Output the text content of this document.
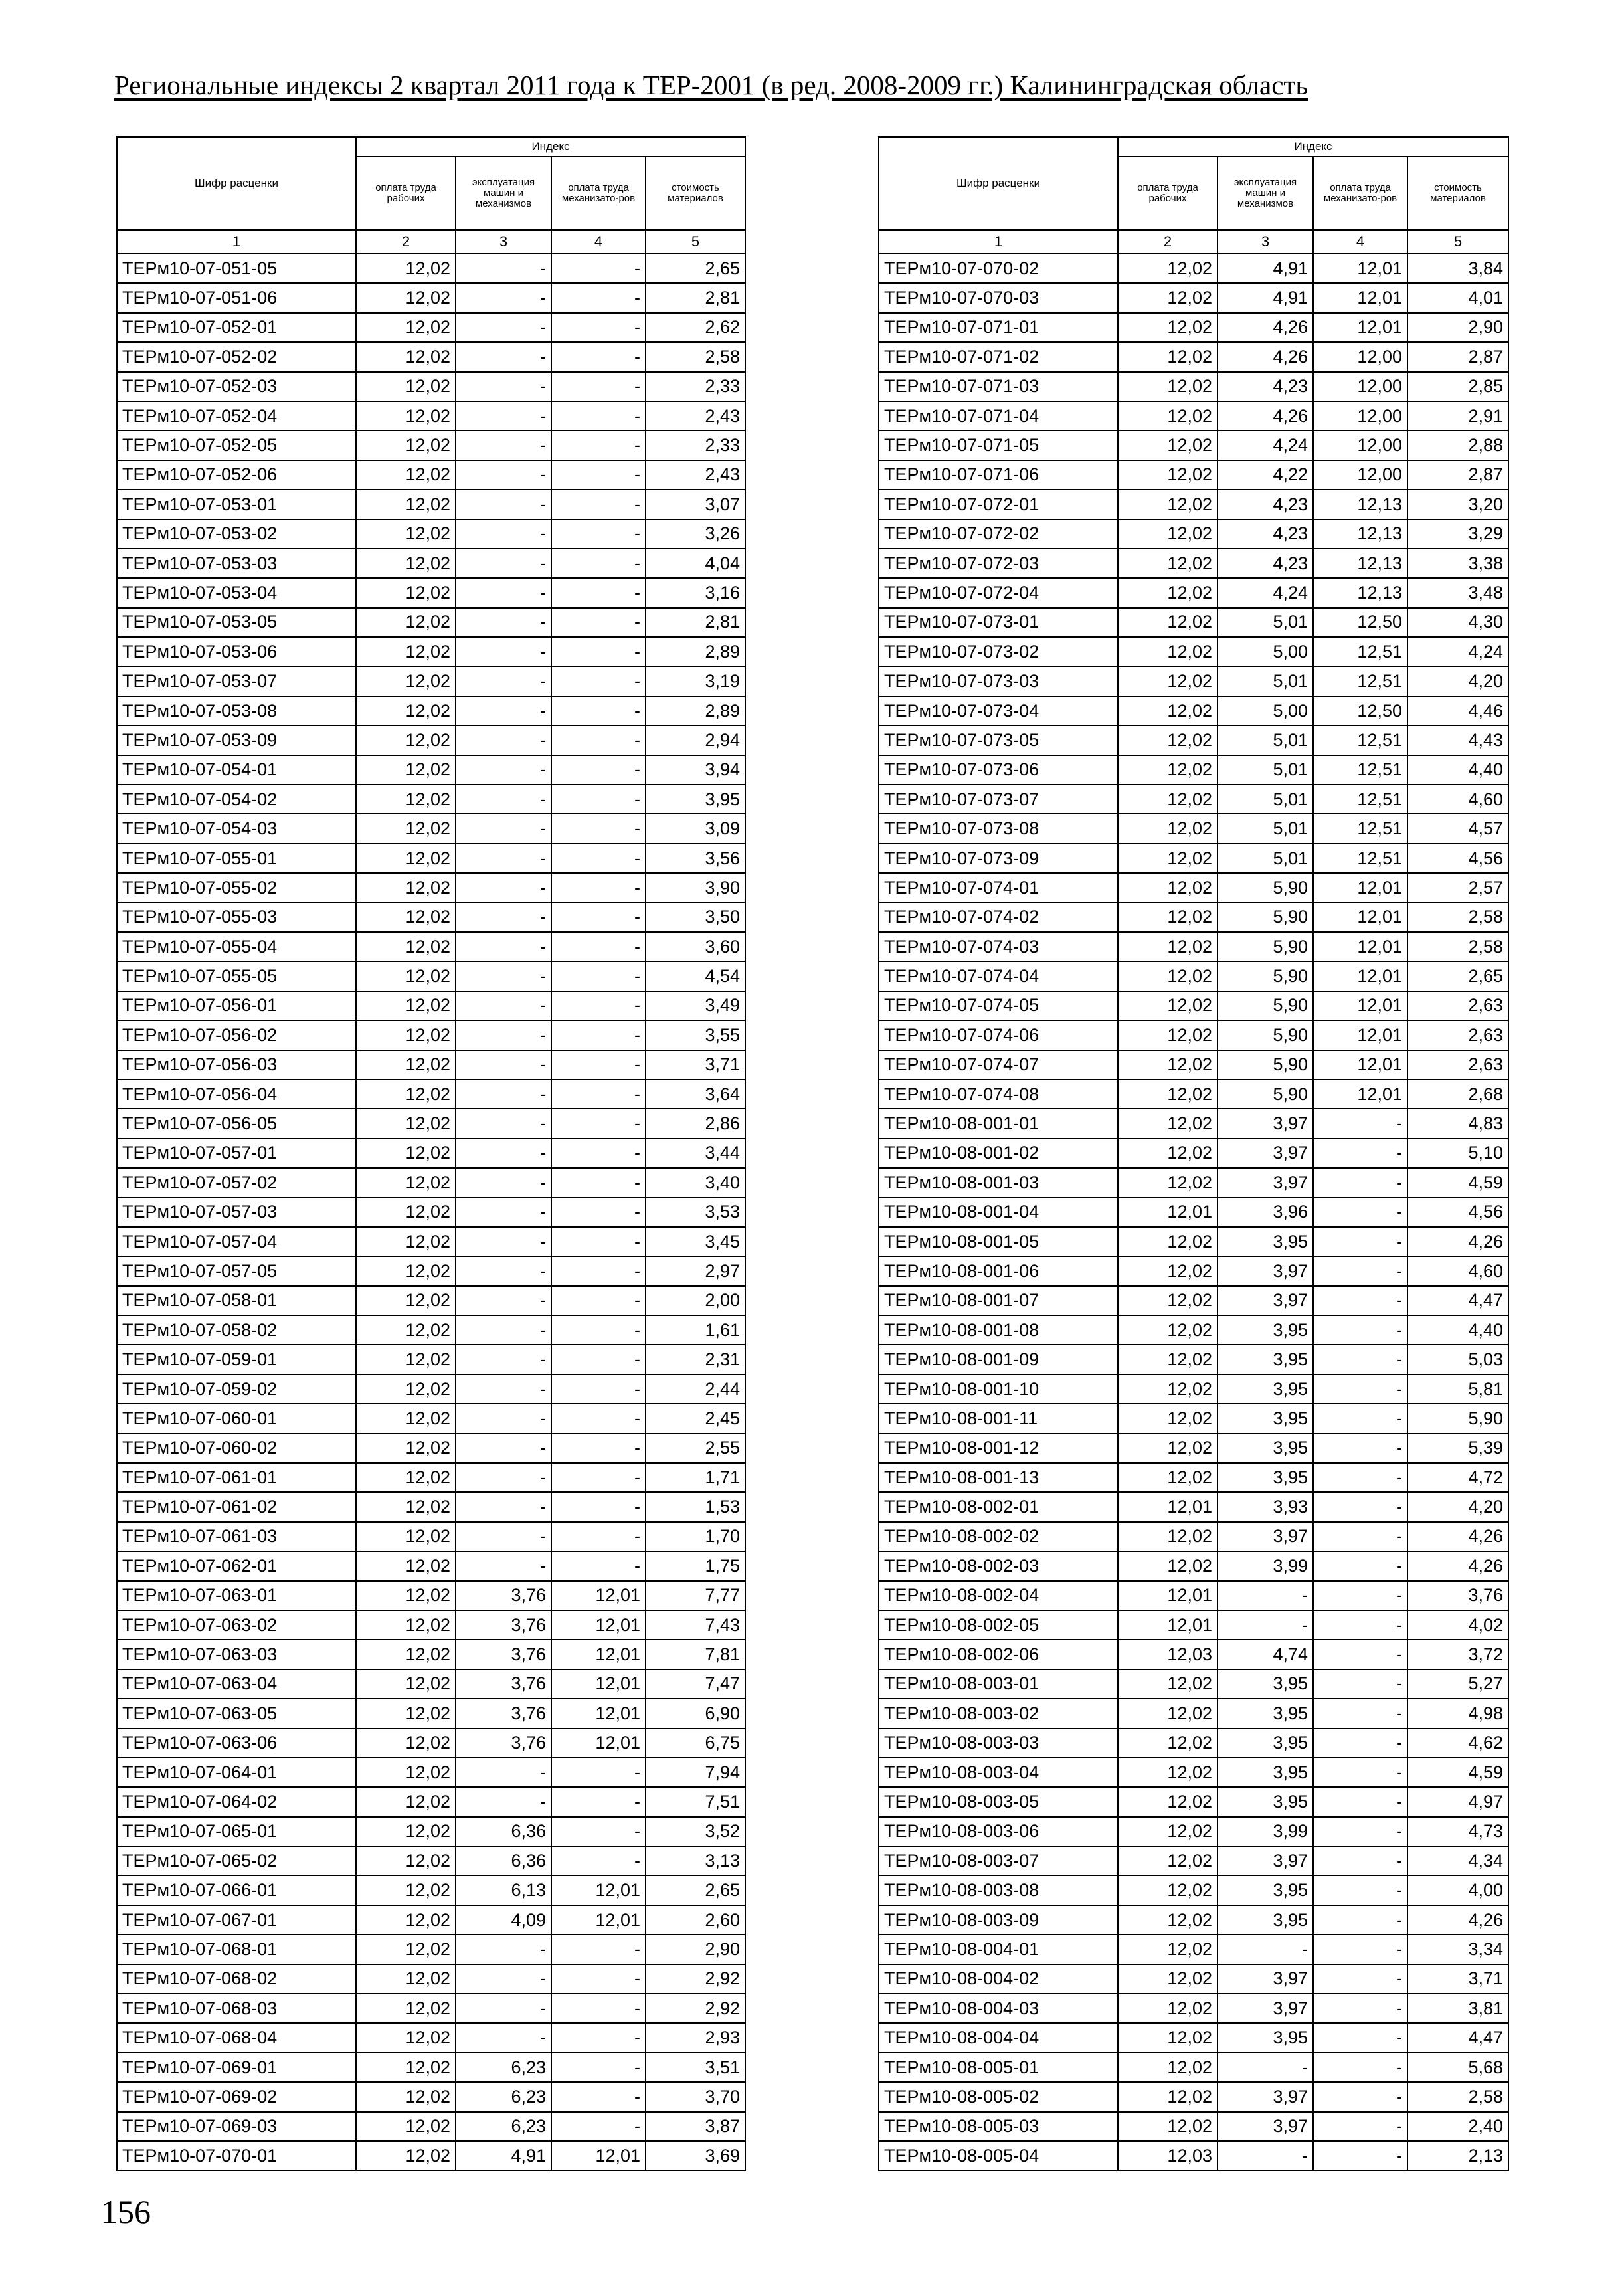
Региональные индексы 2 квартал 2011 года к ТЕР-2001 (в ред. 2008-2009 гг.) Калининградская область
Шифр расценки	Индекс			
	оплата труда рабочих	эксплуатация машин и механизмов	оплата труда механизато-ров	стоимость материалов
1	2	3	4	5
ТЕРм10-07-051-05	12,02	-	-	2,65
ТЕРм10-07-051-06	12,02	-	-	2,81
ТЕРм10-07-052-01	12,02	-	-	2,62
ТЕРм10-07-052-02	12,02	-	-	2,58
ТЕРм10-07-052-03	12,02	-	-	2,33
ТЕРм10-07-052-04	12,02	-	-	2,43
ТЕРм10-07-052-05	12,02	-	-	2,33
ТЕРм10-07-052-06	12,02	-	-	2,43
ТЕРм10-07-053-01	12,02	-	-	3,07
ТЕРм10-07-053-02	12,02	-	-	3,26
ТЕРм10-07-053-03	12,02	-	-	4,04
ТЕРм10-07-053-04	12,02	-	-	3,16
ТЕРм10-07-053-05	12,02	-	-	2,81
ТЕРм10-07-053-06	12,02	-	-	2,89
ТЕРм10-07-053-07	12,02	-	-	3,19
ТЕРм10-07-053-08	12,02	-	-	2,89
ТЕРм10-07-053-09	12,02	-	-	2,94
ТЕРм10-07-054-01	12,02	-	-	3,94
ТЕРм10-07-054-02	12,02	-	-	3,95
ТЕРм10-07-054-03	12,02	-	-	3,09
ТЕРм10-07-055-01	12,02	-	-	3,56
ТЕРм10-07-055-02	12,02	-	-	3,90
ТЕРм10-07-055-03	12,02	-	-	3,50
ТЕРм10-07-055-04	12,02	-	-	3,60
ТЕРм10-07-055-05	12,02	-	-	4,54
ТЕРм10-07-056-01	12,02	-	-	3,49
ТЕРм10-07-056-02	12,02	-	-	3,55
ТЕРм10-07-056-03	12,02	-	-	3,71
ТЕРм10-07-056-04	12,02	-	-	3,64
ТЕРм10-07-056-05	12,02	-	-	2,86
ТЕРм10-07-057-01	12,02	-	-	3,44
ТЕРм10-07-057-02	12,02	-	-	3,40
ТЕРм10-07-057-03	12,02	-	-	3,53
ТЕРм10-07-057-04	12,02	-	-	3,45
ТЕРм10-07-057-05	12,02	-	-	2,97
ТЕРм10-07-058-01	12,02	-	-	2,00
ТЕРм10-07-058-02	12,02	-	-	1,61
ТЕРм10-07-059-01	12,02	-	-	2,31
ТЕРм10-07-059-02	12,02	-	-	2,44
ТЕРм10-07-060-01	12,02	-	-	2,45
ТЕРм10-07-060-02	12,02	-	-	2,55
ТЕРм10-07-061-01	12,02	-	-	1,71
ТЕРм10-07-061-02	12,02	-	-	1,53
ТЕРм10-07-061-03	12,02	-	-	1,70
ТЕРм10-07-062-01	12,02	-	-	1,75
ТЕРм10-07-063-01	12,02	3,76	12,01	7,77
ТЕРм10-07-063-02	12,02	3,76	12,01	7,43
ТЕРм10-07-063-03	12,02	3,76	12,01	7,81
ТЕРм10-07-063-04	12,02	3,76	12,01	7,47
ТЕРм10-07-063-05	12,02	3,76	12,01	6,90
ТЕРм10-07-063-06	12,02	3,76	12,01	6,75
ТЕРм10-07-064-01	12,02	-	-	7,94
ТЕРм10-07-064-02	12,02	-	-	7,51
ТЕРм10-07-065-01	12,02	6,36	-	3,52
ТЕРм10-07-065-02	12,02	6,36	-	3,13
ТЕРм10-07-066-01	12,02	6,13	12,01	2,65
ТЕРм10-07-067-01	12,02	4,09	12,01	2,60
ТЕРм10-07-068-01	12,02	-	-	2,90
ТЕРм10-07-068-02	12,02	-	-	2,92
ТЕРм10-07-068-03	12,02	-	-	2,92
ТЕРм10-07-068-04	12,02	-	-	2,93
ТЕРм10-07-069-01	12,02	6,23	-	3,51
ТЕРм10-07-069-02	12,02	6,23	-	3,70
ТЕРм10-07-069-03	12,02	6,23	-	3,87
ТЕРм10-07-070-01	12,02	4,91	12,01	3,69
Шифр расценки	Индекс			
	оплата труда рабочих	эксплуатация машин и механизмов	оплата труда механизато-ров	стоимость материалов
1	2	3	4	5
ТЕРм10-07-070-02	12,02	4,91	12,01	3,84
ТЕРм10-07-070-03	12,02	4,91	12,01	4,01
ТЕРм10-07-071-01	12,02	4,26	12,01	2,90
ТЕРм10-07-071-02	12,02	4,26	12,00	2,87
ТЕРм10-07-071-03	12,02	4,23	12,00	2,85
ТЕРм10-07-071-04	12,02	4,26	12,00	2,91
ТЕРм10-07-071-05	12,02	4,24	12,00	2,88
ТЕРм10-07-071-06	12,02	4,22	12,00	2,87
ТЕРм10-07-072-01	12,02	4,23	12,13	3,20
ТЕРм10-07-072-02	12,02	4,23	12,13	3,29
ТЕРм10-07-072-03	12,02	4,23	12,13	3,38
ТЕРм10-07-072-04	12,02	4,24	12,13	3,48
ТЕРм10-07-073-01	12,02	5,01	12,50	4,30
ТЕРм10-07-073-02	12,02	5,00	12,51	4,24
ТЕРм10-07-073-03	12,02	5,01	12,51	4,20
ТЕРм10-07-073-04	12,02	5,00	12,50	4,46
ТЕРм10-07-073-05	12,02	5,01	12,51	4,43
ТЕРм10-07-073-06	12,02	5,01	12,51	4,40
ТЕРм10-07-073-07	12,02	5,01	12,51	4,60
ТЕРм10-07-073-08	12,02	5,01	12,51	4,57
ТЕРм10-07-073-09	12,02	5,01	12,51	4,56
ТЕРм10-07-074-01	12,02	5,90	12,01	2,57
ТЕРм10-07-074-02	12,02	5,90	12,01	2,58
ТЕРм10-07-074-03	12,02	5,90	12,01	2,58
ТЕРм10-07-074-04	12,02	5,90	12,01	2,65
ТЕРм10-07-074-05	12,02	5,90	12,01	2,63
ТЕРм10-07-074-06	12,02	5,90	12,01	2,63
ТЕРм10-07-074-07	12,02	5,90	12,01	2,63
ТЕРм10-07-074-08	12,02	5,90	12,01	2,68
ТЕРм10-08-001-01	12,02	3,97	-	4,83
ТЕРм10-08-001-02	12,02	3,97	-	5,10
ТЕРм10-08-001-03	12,02	3,97	-	4,59
ТЕРм10-08-001-04	12,01	3,96	-	4,56
ТЕРм10-08-001-05	12,02	3,95	-	4,26
ТЕРм10-08-001-06	12,02	3,97	-	4,60
ТЕРм10-08-001-07	12,02	3,97	-	4,47
ТЕРм10-08-001-08	12,02	3,95	-	4,40
ТЕРм10-08-001-09	12,02	3,95	-	5,03
ТЕРм10-08-001-10	12,02	3,95	-	5,81
ТЕРм10-08-001-11	12,02	3,95	-	5,90
ТЕРм10-08-001-12	12,02	3,95	-	5,39
ТЕРм10-08-001-13	12,02	3,95	-	4,72
ТЕРм10-08-002-01	12,01	3,93	-	4,20
ТЕРм10-08-002-02	12,02	3,97	-	4,26
ТЕРм10-08-002-03	12,02	3,99	-	4,26
ТЕРм10-08-002-04	12,01	-	-	3,76
ТЕРм10-08-002-05	12,01	-	-	4,02
ТЕРм10-08-002-06	12,03	4,74	-	3,72
ТЕРм10-08-003-01	12,02	3,95	-	5,27
ТЕРм10-08-003-02	12,02	3,95	-	4,98
ТЕРм10-08-003-03	12,02	3,95	-	4,62
ТЕРм10-08-003-04	12,02	3,95	-	4,59
ТЕРм10-08-003-05	12,02	3,95	-	4,97
ТЕРм10-08-003-06	12,02	3,99	-	4,73
ТЕРм10-08-003-07	12,02	3,97	-	4,34
ТЕРм10-08-003-08	12,02	3,95	-	4,00
ТЕРм10-08-003-09	12,02	3,95	-	4,26
ТЕРм10-08-004-01	12,02	-	-	3,34
ТЕРм10-08-004-02	12,02	3,97	-	3,71
ТЕРм10-08-004-03	12,02	3,97	-	3,81
ТЕРм10-08-004-04	12,02	3,95	-	4,47
ТЕРм10-08-005-01	12,02	-	-	5,68
ТЕРм10-08-005-02	12,02	3,97	-	2,58
ТЕРм10-08-005-03	12,02	3,97	-	2,40
ТЕРм10-08-005-04	12,03	-	-	2,13
156
